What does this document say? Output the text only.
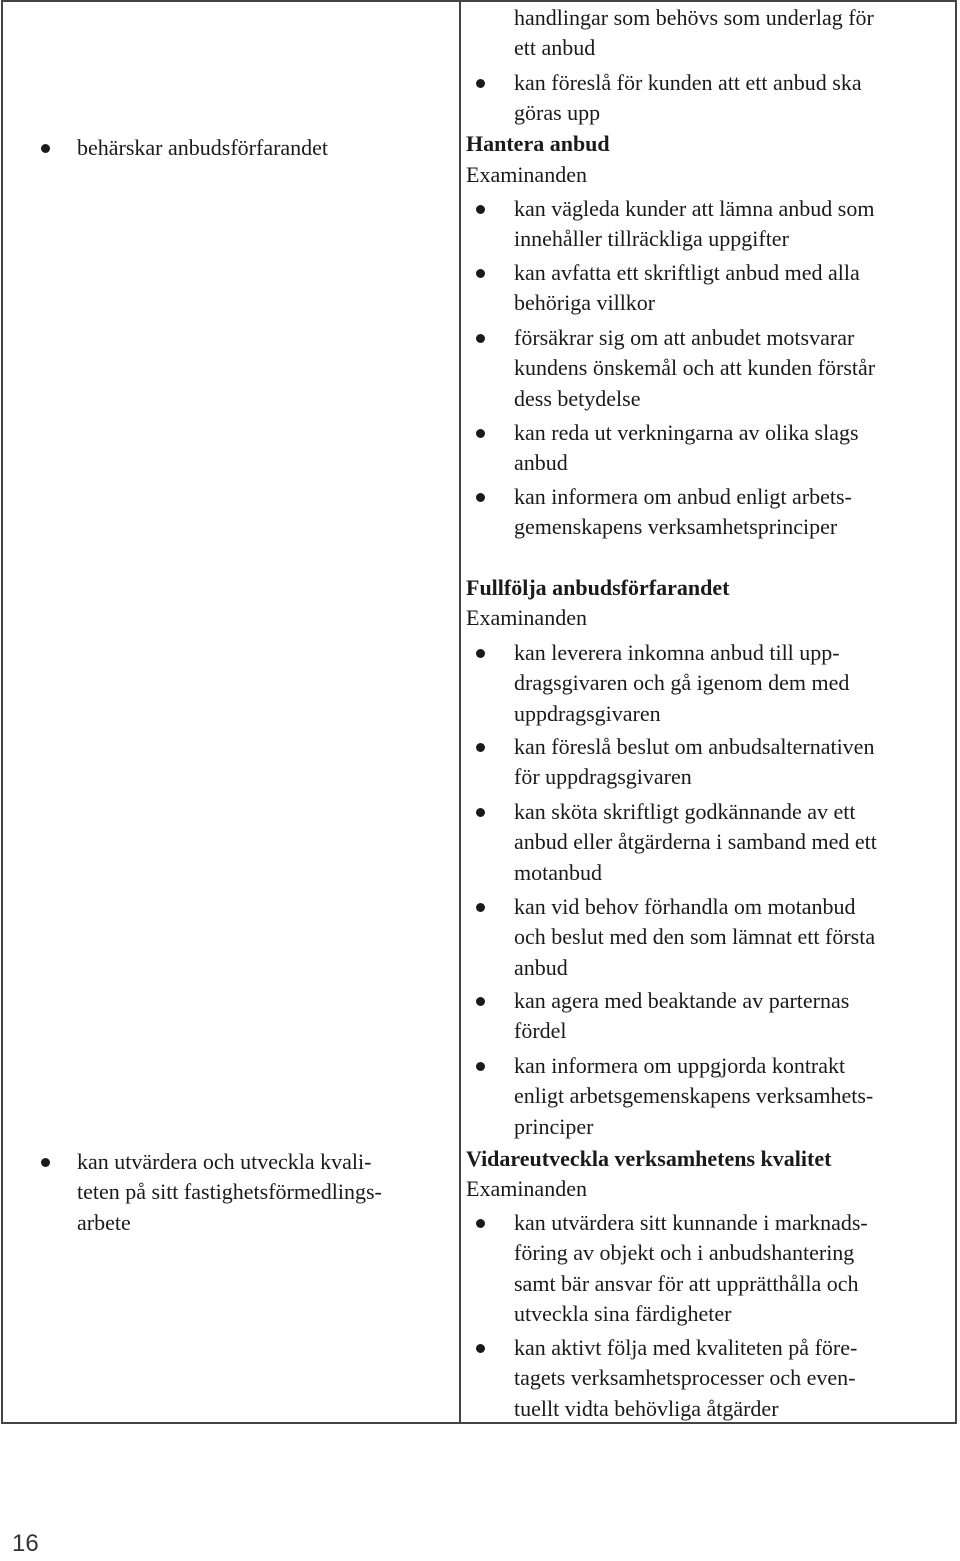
behärskar anbudsförfarandet
kan utvärdera och utveckla kvali-
teten på sitt fastighetsförmedlings-
arbete
handlingar som behövs som underlag för
ett anbud
kan föreslå för kunden att ett anbud ska
göras upp
Hantera anbud
Examinanden
kan vägleda kunder att lämna anbud som
innehåller tillräckliga uppgifter
kan avfatta ett skriftligt anbud med alla
behöriga villkor
försäkrar sig om att anbudet motsvarar
kundens önskemål och att kunden förstår
dess betydelse
kan reda ut verkningarna av olika slags
anbud
kan informera om anbud enligt arbets-
gemenskapens verksamhetsprinciper
Fullfölja anbudsförfarandet
Examinanden
kan leverera inkomna anbud till upp-
dragsgivaren och gå igenom dem med
uppdragsgivaren
kan föreslå beslut om anbudsalternativen
för uppdragsgivaren
kan sköta skriftligt godkännande av ett
anbud eller åtgärderna i samband med ett
motanbud
kan vid behov förhandla om motanbud
och beslut med den som lämnat ett första
anbud
kan agera med beaktande av parternas
fördel
kan informera om uppgjorda kontrakt
enligt arbetsgemenskapens verksamhets-
principer
Vidareutveckla verksamhetens kvalitet
Examinanden
kan utvärdera sitt kunnande i marknads-
föring av objekt och i anbudshantering
samt bär ansvar för att upprätthålla och
utveckla sina färdigheter
kan aktivt följa med kvaliteten på före-
tagets verksamhetsprocesser och even-
tuellt vidta behövliga åtgärder
16
